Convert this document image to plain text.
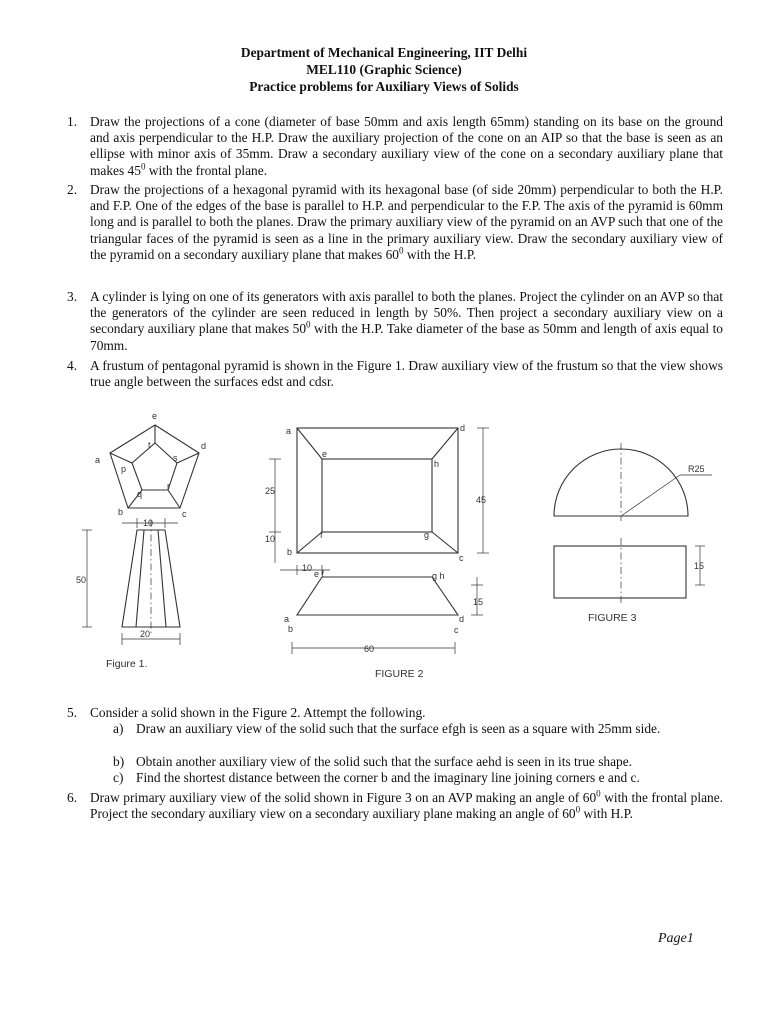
Department of Mechanical Engineering, IIT Delhi
MEL110 (Graphic Science)
Practice problems for Auxiliary Views of Solids
1. Draw the projections of a cone (diameter of base 50mm and axis length 65mm) standing on its base on the ground and axis perpendicular to the H.P. Draw the auxiliary projection of the cone on an AIP so that the base is seen as an ellipse with minor axis of 35mm. Draw a secondary auxiliary view of the cone on a secondary auxiliary plane that makes $45^0$ with the frontal plane.
2. Draw the projections of a hexagonal pyramid with its hexagonal base (of side 20mm) perpendicular to both the H.P. and F.P. One of the edges of the base is parallel to H.P. and perpendicular to the F.P. The axis of the pyramid is 60mm long and is parallel to both the planes. Draw the primary auxiliary view of the pyramid on an AVP such that one of the triangular faces of the pyramid is seen as a line in the primary auxiliary view. Draw the secondary auxiliary view of the pyramid on a secondary auxiliary plane that makes $60^0$ with the H.P.
3. A cylinder is lying on one of its generators with axis parallel to both the planes. Project the cylinder on an AVP so that the generators of the cylinder are seen reduced in length by 50%. Then project a secondary auxiliary view on a secondary auxiliary plane that makes $50^0$ with the H.P. Take diameter of the base as 50mm and length of axis equal to 70mm.
4. A frustum of pentagonal pyramid is shown in the Figure 1. Draw auxiliary view of the frustum so that the view shows true angle between the surfaces edst and cdsr.
e
d
c
b
a
t
s
r
q
p
10
50
20
Figure 1.
a	d
e
h
f	g
b
c
25
10
45
10
e f	g h
a
b
d
c
15
60
FIGURE 2
R25
15
FIGURE 3
5. Consider a solid shown in the Figure 2. Attempt the following.
a) Draw an auxiliary view of the solid such that the surface efgh is seen as a square with 25mm side.
b) Obtain another auxiliary view of the solid such that the surface aehd is seen in its true shape.
c) Find the shortest distance between the corner b and the imaginary line joining corners e and c.
6. Draw primary auxiliary view of the solid shown in Figure 3 on an AVP making an angle of $60^0$ with the frontal plane. Project the secondary auxiliary view on a secondary auxiliary plane making an angle of $60^0$ with H.P.
Page1
